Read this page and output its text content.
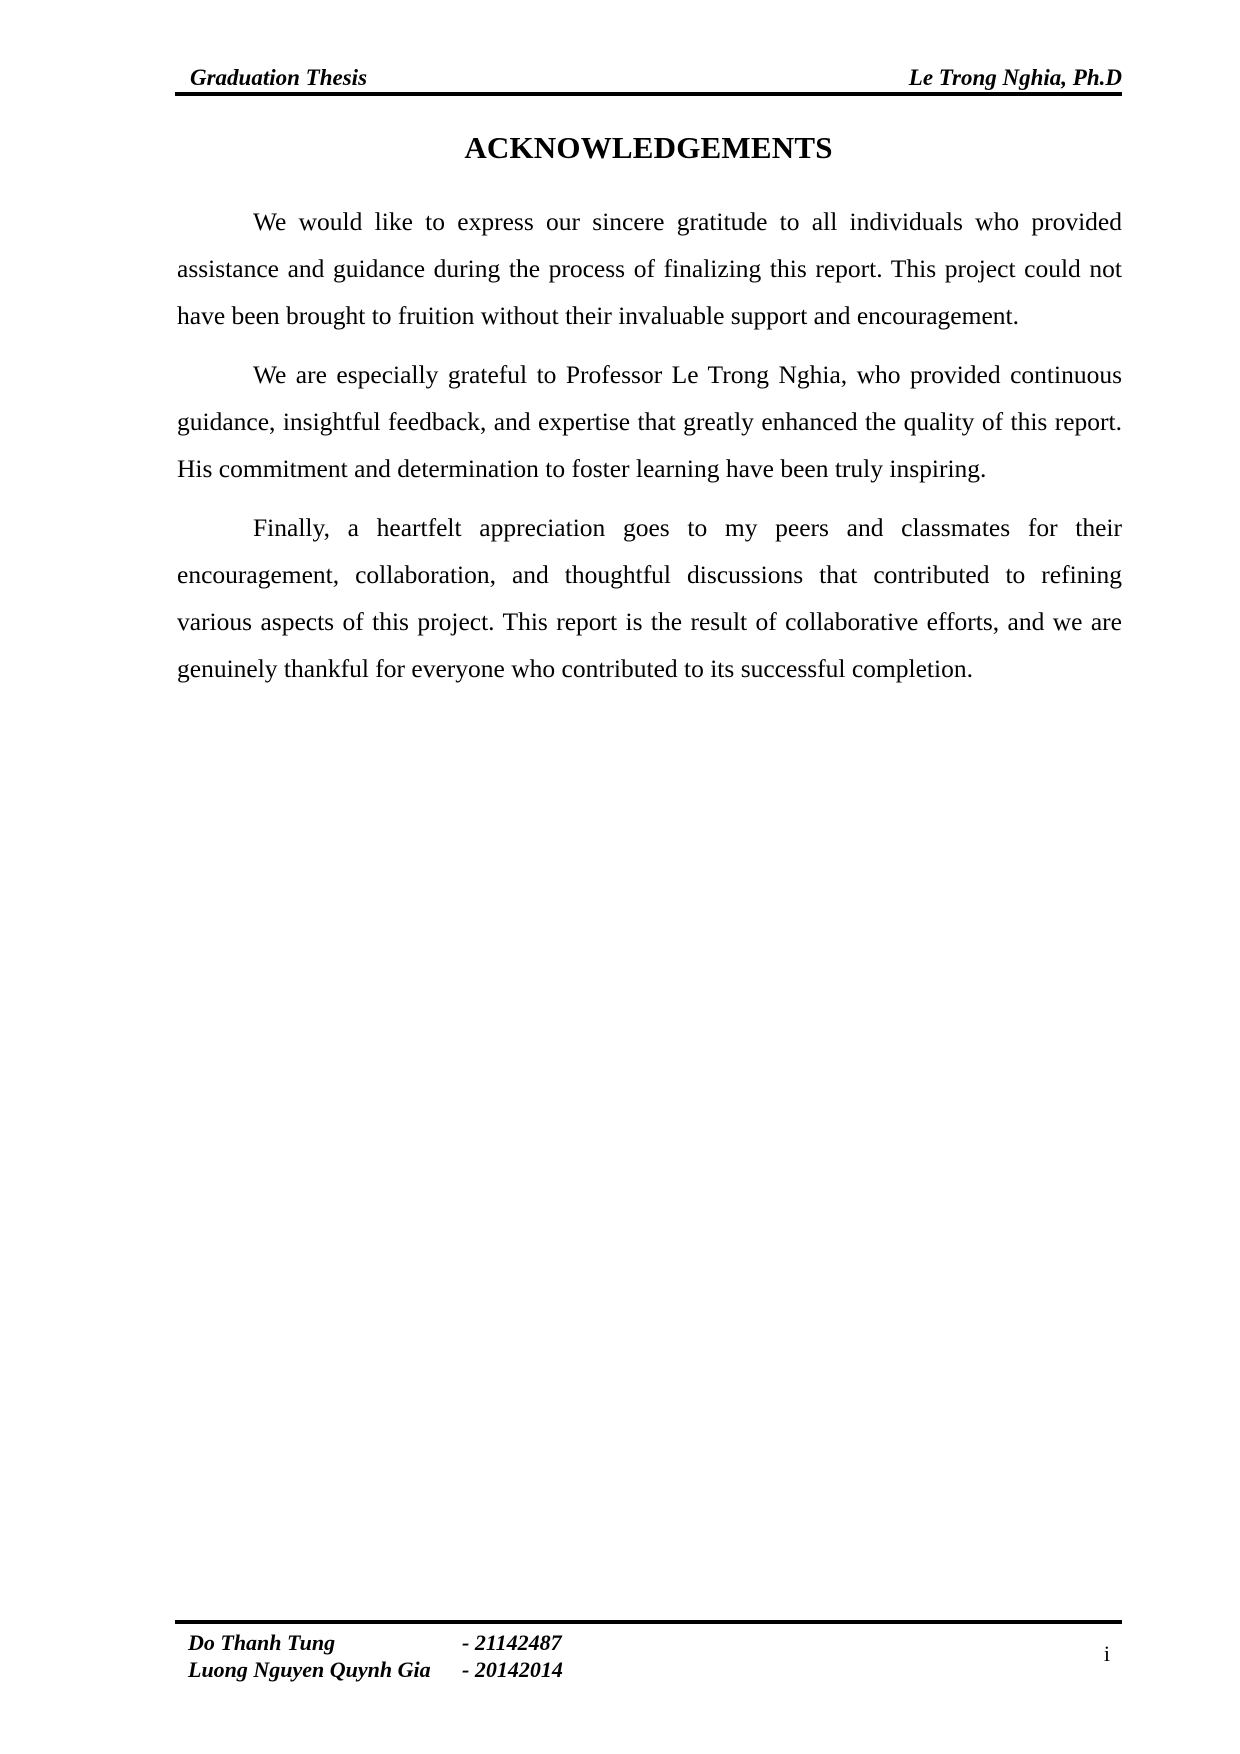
Graduation Thesis	Le Trong Nghia, Ph.D
ACKNOWLEDGEMENTS

We would like to express our sincere gratitude to all individuals who provided assistance and guidance during the process of finalizing this report. This project could not have been brought to fruition without their invaluable support and encouragement.

We are especially grateful to Professor Le Trong Nghia, who provided continuous guidance, insightful feedback, and expertise that greatly enhanced the quality of this report. His commitment and determination to foster learning have been truly inspiring.

Finally, a heartfelt appreciation goes to my peers and classmates for their encouragement, collaboration, and thoughtful discussions that contributed to refining various aspects of this project. This report is the result of collaborative efforts, and we are genuinely thankful for everyone who contributed to its successful completion.

Do Thanh Tung	- 21142487
Luong Nguyen Quynh Gia - 20142014
i
